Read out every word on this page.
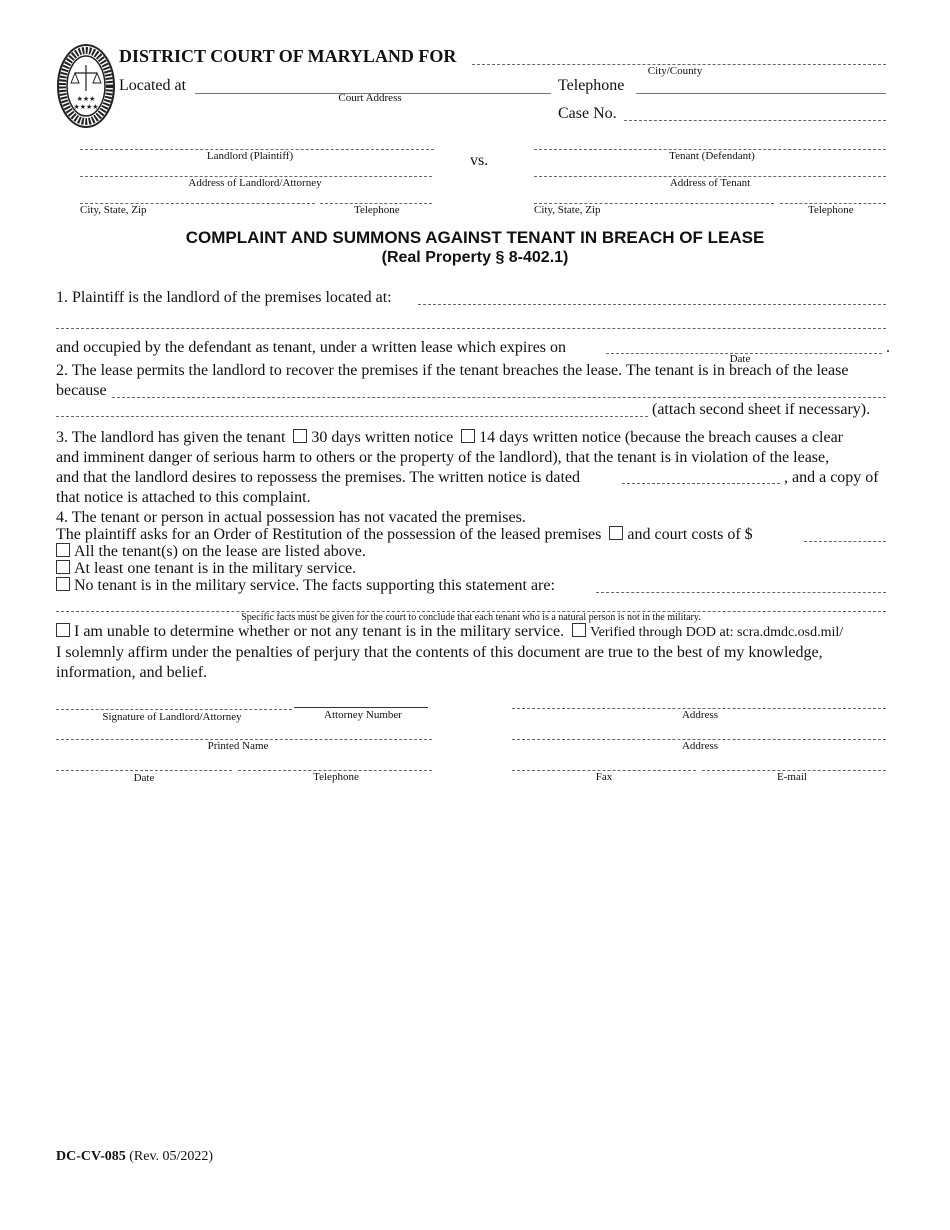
★★★
★★★★
DISTRICT COURT OF MARYLAND FOR
City/County
Located at
Court Address
Telephone
Case No.
vs.
Landlord (Plaintiff)
Address of Landlord/Attorney
City, State, Zip	Telephone
Tenant (Defendant)
Address of Tenant
City, State, Zip	Telephone
COMPLAINT AND SUMMONS AGAINST TENANT IN BREACH OF LEASE
(Real Property § 8-402.1)
1. Plaintiff is the landlord of the premises located at:
and occupied by the defendant as tenant, under a written lease which expires on	.
Date
2. The lease permits the landlord to recover the premises if the tenant breaches the lease. The tenant is in breach of the lease
because
(attach second sheet if necessary).
3. The landlord has given the tenant 30 days written notice 14 days written notice (because the breach causes a clear
and imminent danger of serious harm to others or the property of the landlord), that the tenant is in violation of the lease,
and that the landlord desires to repossess the premises. The written notice is dated	, and a copy of
that notice is attached to this complaint.
4. The tenant or person in actual possession has not vacated the premises.
The plaintiff asks for an Order of Restitution of the possession of the leased premises and court costs of $
All the tenant(s) on the lease are listed above.
At least one tenant is in the military service.
No tenant is in the military service. The facts supporting this statement are:
Specific facts must be given for the court to conclude that each tenant who is a natural person is not in the military.
I am unable to determine whether or not any tenant is in the military service. Verified through DOD at: scra.dmdc.osd.mil/
I solemnly affirm under the penalties of perjury that the contents of this document are true to the best of my knowledge,
information, and belief.
Signature of Landlord/Attorney	Attorney Number
Printed Name
Date	Telephone
Address
Address
Fax	E-mail
DC-CV-085 (Rev. 05/2022)
